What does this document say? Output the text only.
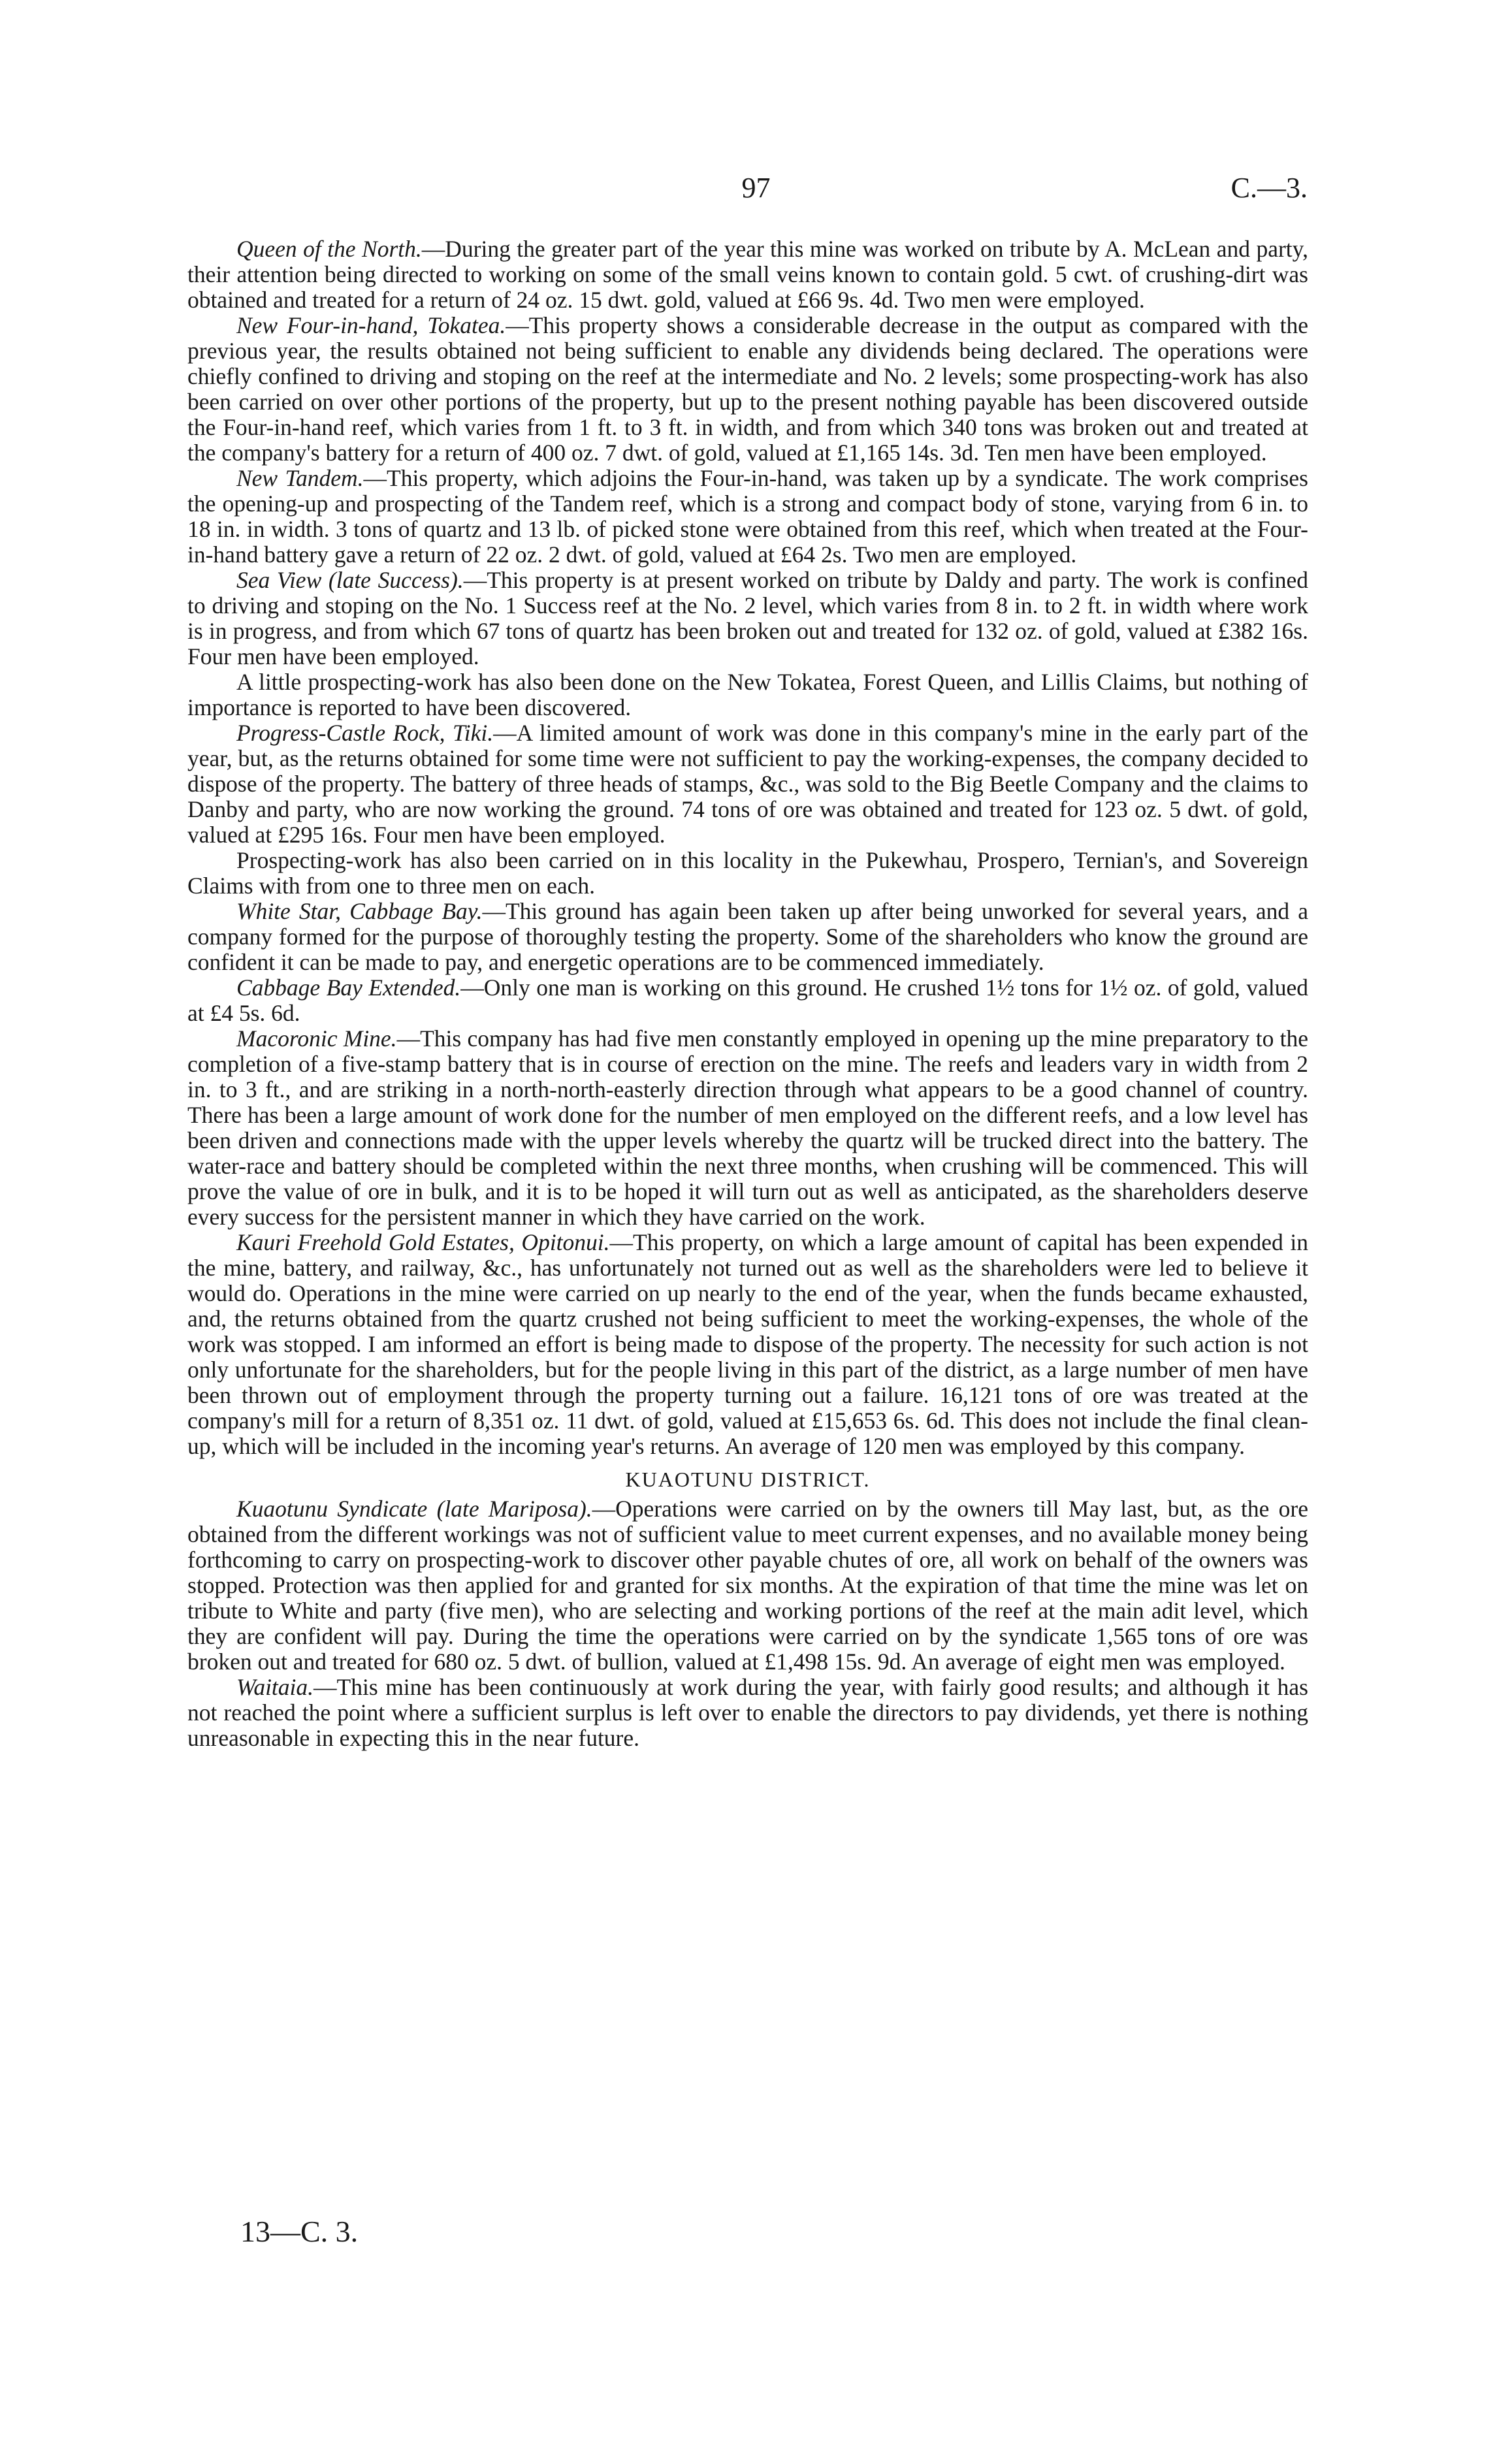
97	C.—3.

Queen of the North.—During the greater part of the year this mine was worked on tribute by A. McLean and party, their attention being directed to working on some of the small veins known to contain gold. 5 cwt. of crushing-dirt was obtained and treated for a return of 24 oz. 15 dwt. gold, valued at £66 9s. 4d. Two men were employed.

New Four-in-hand, Tokatea.—This property shows a considerable decrease in the output as compared with the previous year, the results obtained not being sufficient to enable any dividends being declared. The operations were chiefly confined to driving and stoping on the reef at the intermediate and No. 2 levels; some prospecting-work has also been carried on over other portions of the property, but up to the present nothing payable has been discovered outside the Four-in-hand reef, which varies from 1 ft. to 3 ft. in width, and from which 340 tons was broken out and treated at the company's battery for a return of 400 oz. 7 dwt. of gold, valued at £1,165 14s. 3d. Ten men have been employed.

New Tandem.—This property, which adjoins the Four-in-hand, was taken up by a syndicate. The work comprises the opening-up and prospecting of the Tandem reef, which is a strong and compact body of stone, varying from 6 in. to 18 in. in width. 3 tons of quartz and 13 lb. of picked stone were obtained from this reef, which when treated at the Four-in-hand battery gave a return of 22 oz. 2 dwt. of gold, valued at £64 2s. Two men are employed.

Sea View (late Success).—This property is at present worked on tribute by Daldy and party. The work is confined to driving and stoping on the No. 1 Success reef at the No. 2 level, which varies from 8 in. to 2 ft. in width where work is in progress, and from which 67 tons of quartz has been broken out and treated for 132 oz. of gold, valued at £382 16s. Four men have been employed.

A little prospecting-work has also been done on the New Tokatea, Forest Queen, and Lillis Claims, but nothing of importance is reported to have been discovered.

Progress-Castle Rock, Tiki.—A limited amount of work was done in this company's mine in the early part of the year, but, as the returns obtained for some time were not sufficient to pay the working-expenses, the company decided to dispose of the property. The battery of three heads of stamps, &c., was sold to the Big Beetle Company and the claims to Danby and party, who are now working the ground. 74 tons of ore was obtained and treated for 123 oz. 5 dwt. of gold, valued at £295 16s. Four men have been employed.

Prospecting-work has also been carried on in this locality in the Pukewhau, Prospero, Ternian's, and Sovereign Claims with from one to three men on each.

White Star, Cabbage Bay.—This ground has again been taken up after being unworked for several years, and a company formed for the purpose of thoroughly testing the property. Some of the shareholders who know the ground are confident it can be made to pay, and energetic operations are to be commenced immediately.

Cabbage Bay Extended.—Only one man is working on this ground. He crushed 1½ tons for 1½ oz. of gold, valued at £4 5s. 6d.

Macoronic Mine.—This company has had five men constantly employed in opening up the mine preparatory to the completion of a five-stamp battery that is in course of erection on the mine. The reefs and leaders vary in width from 2 in. to 3 ft., and are striking in a north-north-easterly direction through what appears to be a good channel of country. There has been a large amount of work done for the number of men employed on the different reefs, and a low level has been driven and connections made with the upper levels whereby the quartz will be trucked direct into the battery. The water-race and battery should be completed within the next three months, when crushing will be commenced. This will prove the value of ore in bulk, and it is to be hoped it will turn out as well as anticipated, as the shareholders deserve every success for the persistent manner in which they have carried on the work.

Kauri Freehold Gold Estates, Opitonui.—This property, on which a large amount of capital has been expended in the mine, battery, and railway, &c., has unfortunately not turned out as well as the shareholders were led to believe it would do. Operations in the mine were carried on up nearly to the end of the year, when the funds became exhausted, and, the returns obtained from the quartz crushed not being sufficient to meet the working-expenses, the whole of the work was stopped. I am informed an effort is being made to dispose of the property. The necessity for such action is not only unfortunate for the shareholders, but for the people living in this part of the district, as a large number of men have been thrown out of employment through the property turning out a failure. 16,121 tons of ore was treated at the company's mill for a return of 8,351 oz. 11 dwt. of gold, valued at £15,653 6s. 6d. This does not include the final clean-up, which will be included in the incoming year's returns. An average of 120 men was employed by this company.

KUAOTUNU DISTRICT.

Kuaotunu Syndicate (late Mariposa).—Operations were carried on by the owners till May last, but, as the ore obtained from the different workings was not of sufficient value to meet current expenses, and no available money being forthcoming to carry on prospecting-work to discover other payable chutes of ore, all work on behalf of the owners was stopped. Protection was then applied for and granted for six months. At the expiration of that time the mine was let on tribute to White and party (five men), who are selecting and working portions of the reef at the main adit level, which they are confident will pay. During the time the operations were carried on by the syndicate 1,565 tons of ore was broken out and treated for 680 oz. 5 dwt. of bullion, valued at £1,498 15s. 9d. An average of eight men was employed.

Waitaia.—This mine has been continuously at work during the year, with fairly good results; and although it has not reached the point where a sufficient surplus is left over to enable the directors to pay dividends, yet there is nothing unreasonable in expecting this in the near future.

13—C. 3.
